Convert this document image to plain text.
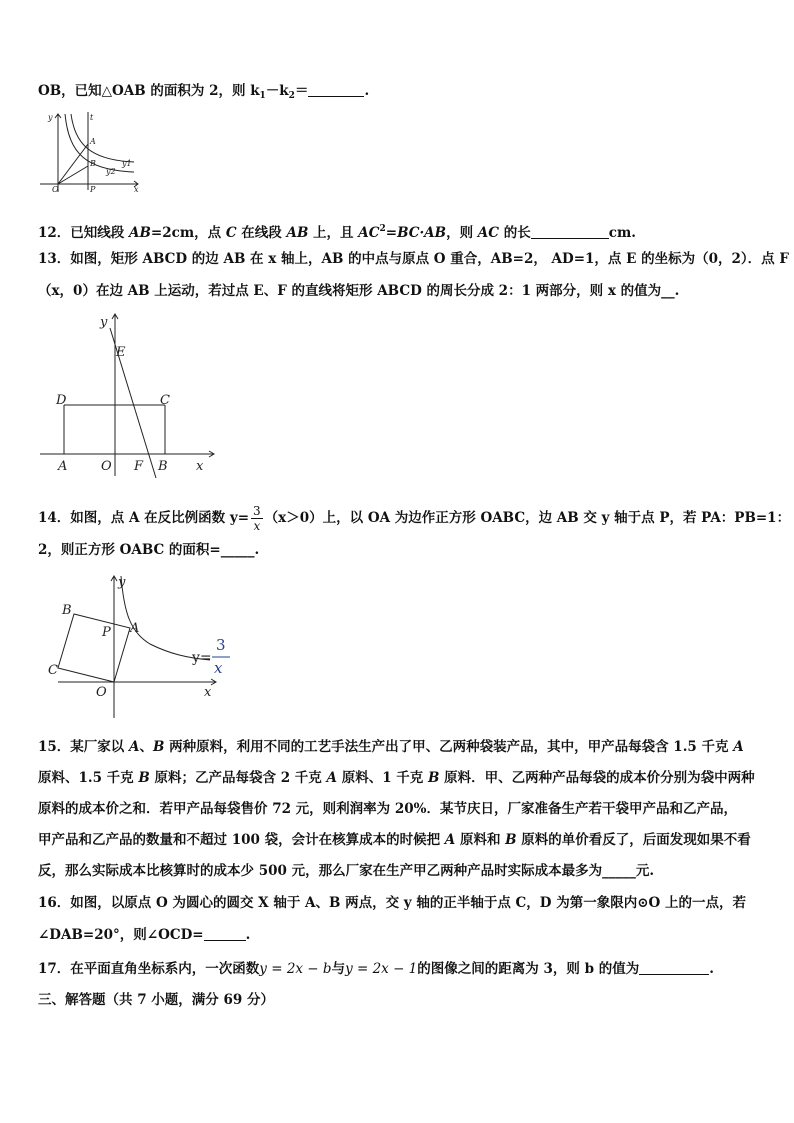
OB，已知△OAB 的面积为 2，则 $k_1-k_2=$	.
y	t
A
B	y1
y2
O	P	x
12．已知线段 AB=2cm，点 C 在线段 AB 上，且 $AC^2=BC\cdot AB$，则 AC 的长	cm.
13．如图，矩形 ABCD 的边 AB 在 x 轴上，AB 的中点与原点 O 重合，AB=2， AD=1，点 E 的坐标为（0，2）．点 F
（x，0）在边 AB 上运动，若过点 E、F 的直线将矩形 ABCD 的周长分成 2：1 两部分，则 x 的值为__.
y
E
D	C
A	O F B x
14．如图，点 A 在反比例函数 $y= \frac{3}{x} (x>0)$上，以 OA 为边作正方形 OABC，边 AB 交 y 轴于点 P，若 PA：PB=1：
2，则正方形 OABC 的面积=_____.
y
B
P A
C
O	x
y=
3
x
15．某厂家以 A、B 两种原料，利用不同的工艺手法生产出了甲、乙两种袋装产品，其中，甲产品每袋含 1.5 千克 A
原料、1.5 千克 B 原料；乙产品每袋含 2 千克 A 原料、1 千克 B 原料．甲、乙两种产品每袋的成本价分别为袋中两种
原料的成本价之和．若甲产品每袋售价 72 元，则利润率为 20%．某节庆日，厂家准备生产若干袋甲产品和乙产品，
甲产品和乙产品的数量和不超过 100 袋，会计在核算成本的时候把 A 原料和 B 原料的单价看反了，后面发现如果不看
反，那么实际成本比核算时的成本少 500 元，那么厂家在生产甲乙两种产品时实际成本最多为_____元.
16．如图，以原点 O 为圆心的圆交 X 轴于 A、B 两点，交 y 轴的正半轴于点 C，D 为第一象限内⊙O 上的一点，若
∠DAB=20°，则∠OCD=	.
17．在平面直角坐标系内，一次函数y = 2x − b与y = 2x − 1的图像之间的距离为 3，则 b 的值为	.
三、解答题（共 7 小题，满分 69 分）
